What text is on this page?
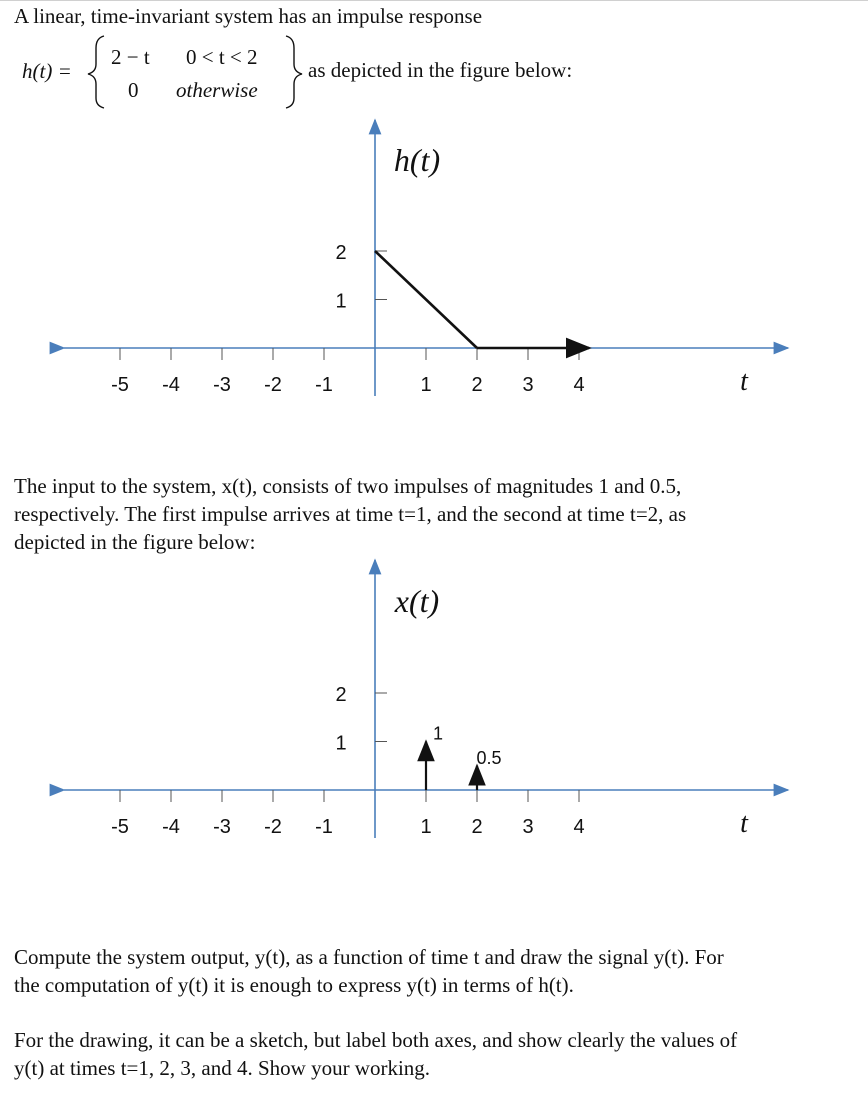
A linear, time-invariant system has an impulse response
h(t) =
2 − t 0 < t < 2
0 otherwise
as depicted in the figure below:
-5 -4 -3 -2 -1	1 2 3 4
1
2
h(t)
t
The input to the system, x(t), consists of two impulses of magnitudes 1 and 0.5,
respectively. The first impulse arrives at time t=1, and the second at time t=2, as
depicted in the figure below:
-5 -4 -3 -2 -1	1 2 3 4
1
2
x(t)
t
1
0.5
Compute the system output, y(t), as a function of time t and draw the signal y(t). For
the computation of y(t) it is enough to express y(t) in terms of h(t).
For the drawing, it can be a sketch, but label both axes, and show clearly the values of
y(t) at times t=1, 2, 3, and 4. Show your working.
